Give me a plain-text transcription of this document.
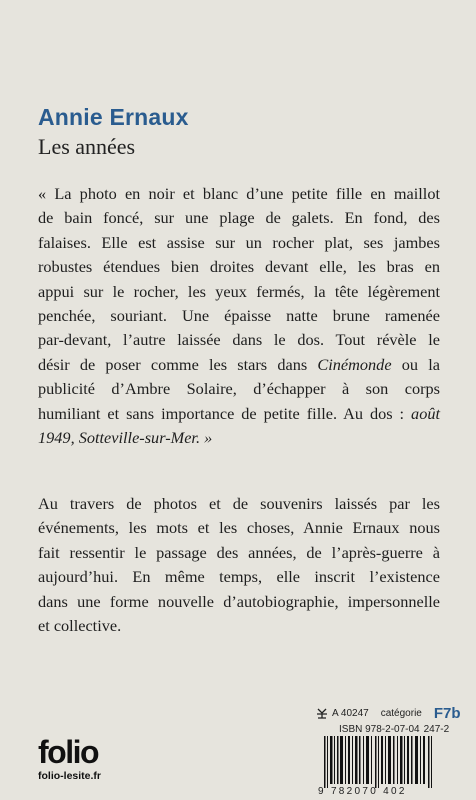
Annie Ernaux
Les années
« La photo en noir et blanc d’une petite fille en maillot
de bain foncé, sur une plage de galets. En fond, des
falaises. Elle est assise sur un rocher plat, ses jambes
robustes étendues bien droites devant elle, les bras en
appui sur le rocher, les yeux fermés, la tête légèrement
penchée, souriant. Une épaisse natte brune ramenée
par-devant, l’autre laissée dans le dos. Tout révèle le
désir de poser comme les stars dans Cinémonde ou la
publicité d’Ambre Solaire, d’échapper à son corps
humiliant et sans importance de petite fille. Au dos : août
1949, Sotteville-sur-Mer. »
Au travers de photos et de souvenirs laissés par les
événements, les mots et les choses, Annie Ernaux nous
fait ressentir le passage des années, de l’après-guerre à
aujourd’hui. En même temps, elle inscrit l’existence
dans une forme nouvelle d’autobiographie, impersonnelle
et collective.
A 40247 catégorie F7b
ISBN 978-2-07-04 247-2
9 782070 402
folio
folio-lesite.fr
